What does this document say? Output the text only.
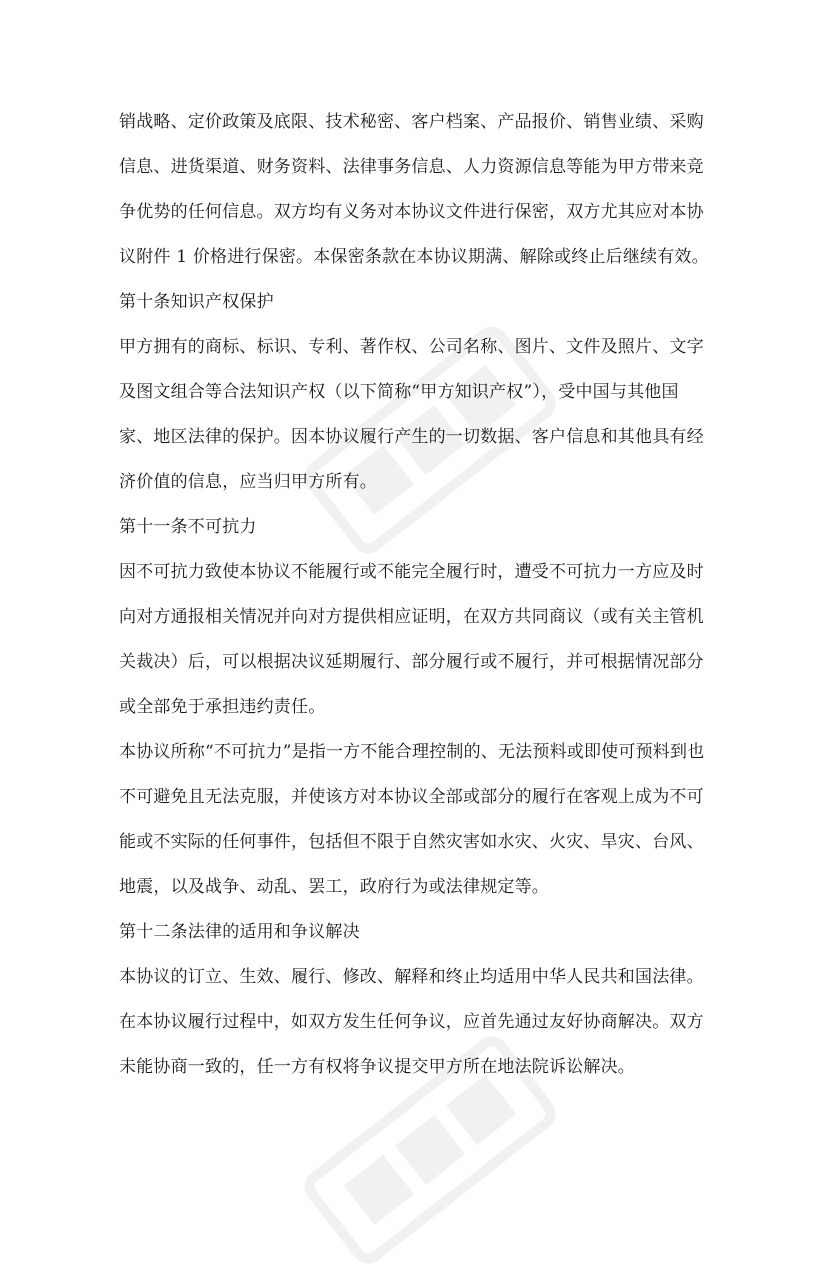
销战略、定价政策及底限、技术秘密、客户档案、产品报价、销售业绩、采购信息、进货渠道、财务资料、法律事务信息、人力资源信息等能为甲方带来竞争优势的任何信息。双方均有义务对本协议文件进行保密，双方尤其应对本协议附件 1 价格进行保密。本保密条款在本协议期满、解除或终止后继续有效。
第十条知识产权保护
甲方拥有的商标、标识、专利、著作权、公司名称、图片、文件及照片、文字及图文组合等合法知识产权（以下简称“甲方知识产权”），受中国与其他国家、地区法律的保护。因本协议履行产生的一切数据、客户信息和其他具有经济价值的信息，应当归甲方所有。
第十一条不可抗力
因不可抗力致使本协议不能履行或不能完全履行时，遭受不可抗力一方应及时向对方通报相关情况并向对方提供相应证明，在双方共同商议（或有关主管机关裁决）后，可以根据决议延期履行、部分履行或不履行，并可根据情况部分或全部免于承担违约责任。
本协议所称“不可抗力”是指一方不能合理控制的、无法预料或即使可预料到也不可避免且无法克服，并使该方对本协议全部或部分的履行在客观上成为不可能或不实际的任何事件，包括但不限于自然灾害如水灾、火灾、旱灾、台风、地震，以及战争、动乱、罢工，政府行为或法律规定等。
第十二条法律的适用和争议解决
本协议的订立、生效、履行、修改、解释和终止均适用中华人民共和国法律。
在本协议履行过程中，如双方发生任何争议，应首先通过友好协商解决。双方未能协商一致的，任一方有权将争议提交甲方所在地法院诉讼解决。
